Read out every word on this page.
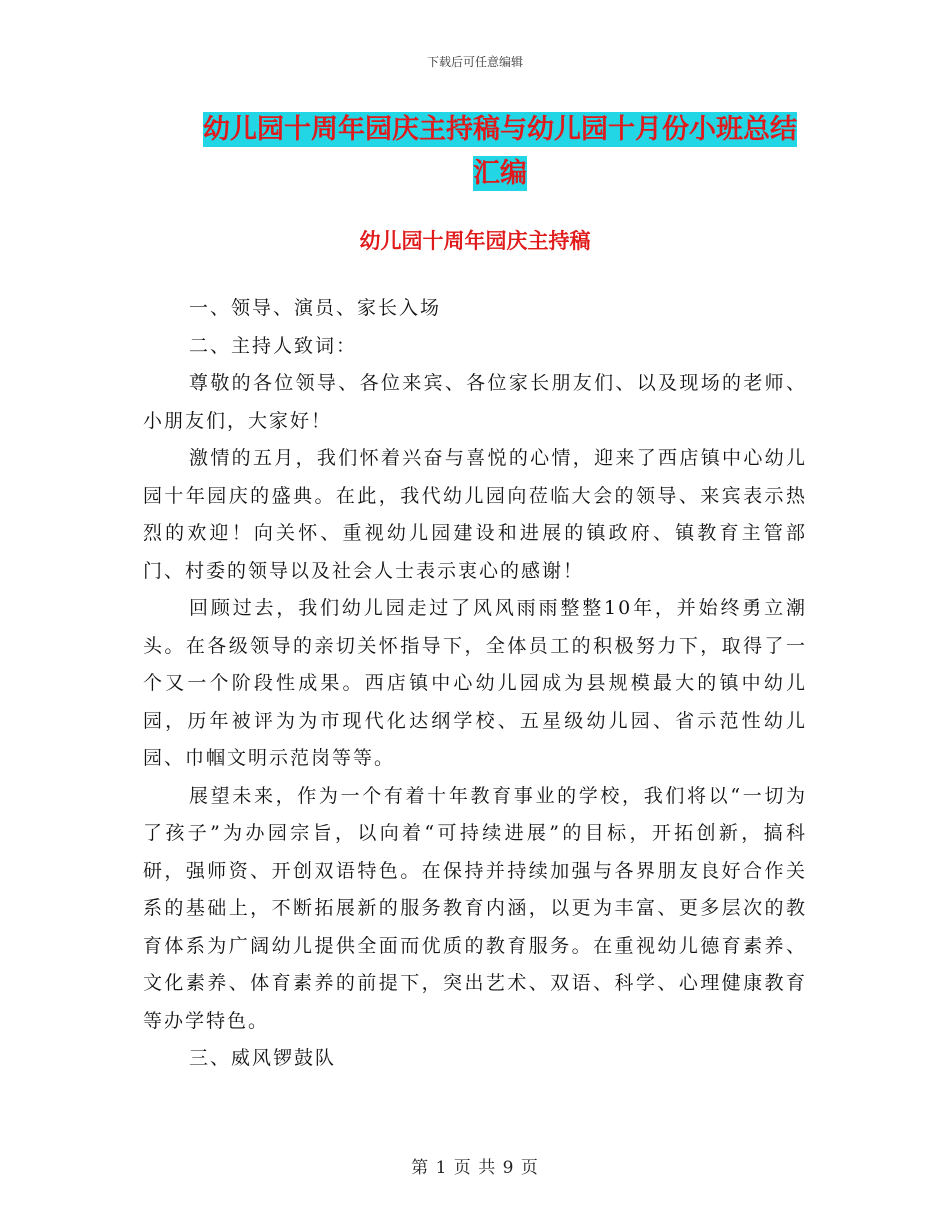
下载后可任意编辑
幼儿园十周年园庆主持稿与幼儿园十月份小班总结汇编
幼儿园十周年园庆主持稿

一、领导、演员、家长入场

二、主持人致词：

尊敬的各位领导、各位来宾、各位家长朋友们、以及现场的老师、小朋友们，大家好！

激情的五月，我们怀着兴奋与喜悦的心情，迎来了西店镇中心幼儿园十年园庆的盛典。在此，我代幼儿园向莅临大会的领导、来宾表示热烈的欢迎！向关怀、重视幼儿园建设和进展的镇政府、镇教育主管部门、村委的领导以及社会人士表示衷心的感谢！

回顾过去，我们幼儿园走过了风风雨雨整整10年，并始终勇立潮头。在各级领导的亲切关怀指导下，全体员工的积极努力下，取得了一个又一个阶段性成果。西店镇中心幼儿园成为县规模最大的镇中幼儿园，历年被评为为市现代化达纲学校、五星级幼儿园、省示范性幼儿园、巾帼文明示范岗等等。

展望未来，作为一个有着十年教育事业的学校，我们将以“一切为了孩子”为办园宗旨，以向着“可持续进展”的目标，开拓创新，搞科研，强师资、开创双语特色。在保持并持续加强与各界朋友良好合作关系的基础上，不断拓展新的服务教育内涵，以更为丰富、更多层次的教育体系为广阔幼儿提供全面而优质的教育服务。在重视幼儿德育素养、文化素养、体育素养的前提下，突出艺术、双语、科学、心理健康教育等办学特色。

三、威风锣鼓队

第 1 页 共 9 页
